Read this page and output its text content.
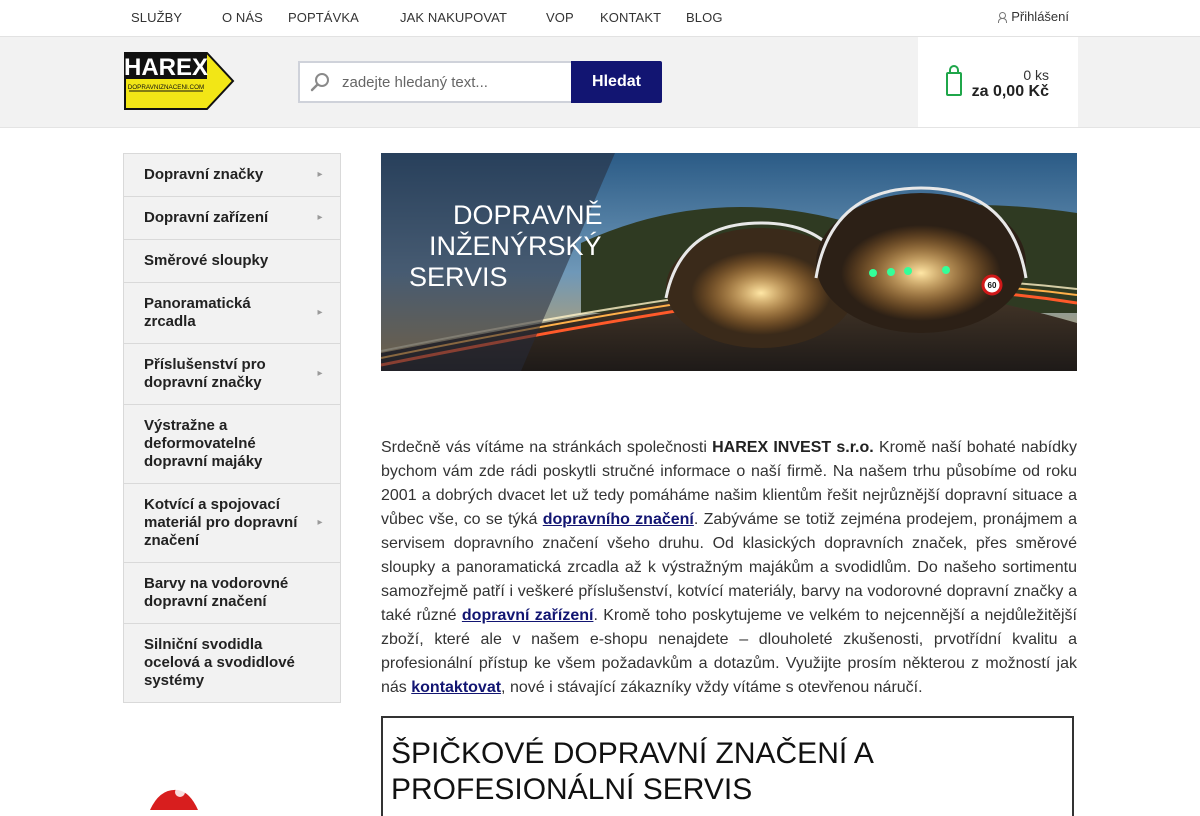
SLUŽBY	O NÁS POPTÁVKA	JAK NAKUPOVAT	VOP KONTAKT BLOG	Přihlášení
HAREX
DOPRAVNIZNACENI.COM
zadejte hledaný text...	Hledat	0 ks
za 0,00 Kč
Dopravní značky	▸
Dopravní zařízení	▸
Směrové sloupky
Panoramatická zrcadla
▸
Příslušenství pro dopravní značky
▸
Výstražne a deformovatelné dopravní majáky
Kotvící a spojovací materiál pro dopravní značení
▸
Barvy na vodorovné dopravní značení
Silniční svodidla ocelová a svodidlové systémy
60
DOPRAVNĚ
INŽENÝRSKÝ
SERVIS
Srdečně vás vítáme na stránkách společnosti HAREX INVEST s.r.o. Kromě naší bohaté nabídky bychom vám zde rádi poskytli stručné informace o naší firmě. Na našem trhu působíme od roku 2001 a dobrých dvacet let už tedy pomáháme našim klientům řešit nejrůznější dopravní situace a vůbec vše, co se týká dopravního značení. Zabýváme se totiž zejména prodejem, pronájmem a servisem dopravního značení všeho druhu. Od klasických dopravních značek, přes směrové sloupky a panoramatická zrcadla až k výstražným majákům a svodidlům. Do našeho sortimentu samozřejmě patří i veškeré příslušenství, kotvící materiály, barvy na vodorovné dopravní značky a také různé dopravní zařízení. Kromě toho poskytujeme ve velkém to nejcennější a nejdůležitější zboží, které ale v našem e-shopu nenajdete – dlouholeté zkušenosti, prvotřídní kvalitu a profesionální přístup ke všem požadavkům a dotazům. Využijte prosím některou z možností jak nás kontaktovat, nové i stávající zákazníky vždy vítáme s otevřenou náručí.
ŠPIČKOVÉ DOPRAVNÍ ZNAČENÍ A
PROFESIONÁLNÍ SERVIS
